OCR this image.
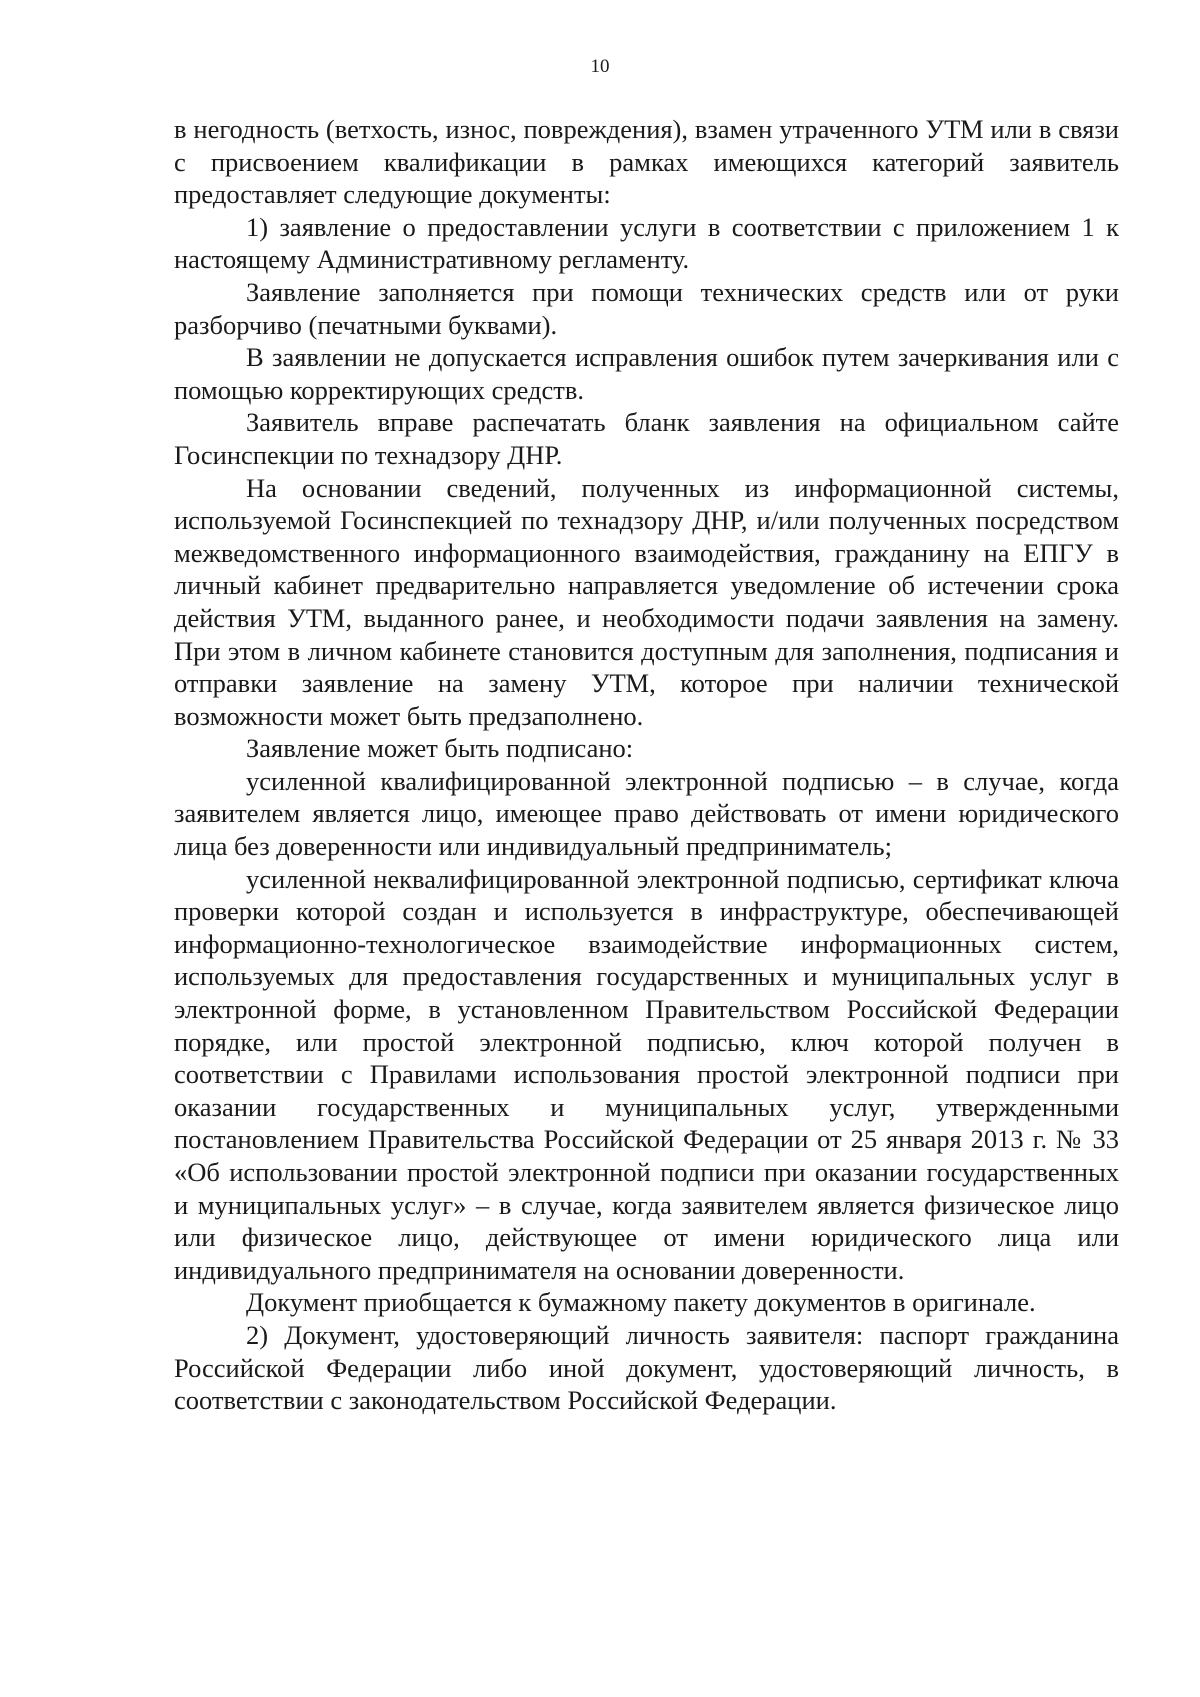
10

в негодность (ветхость, износ, повреждения), взамен утраченного УТМ или в связи с присвоением квалификации в рамках имеющихся категорий заявитель предоставляет следующие документы:

1) заявление о предоставлении услуги в соответствии с приложением 1 к настоящему Административному регламенту.

Заявление заполняется при помощи технических средств или от руки разборчиво (печатными буквами).

В заявлении не допускается исправления ошибок путем зачеркивания или с помощью корректирующих средств.

Заявитель вправе распечатать бланк заявления на официальном сайте Госинспекции по технадзору ДНР.

На основании сведений, полученных из информационной системы, используемой Госинспекцией по технадзору ДНР, и/или полученных посредством межведомственного информационного взаимодействия, гражданину на ЕПГУ в личный кабинет предварительно направляется уведомление об истечении срока действия УТМ, выданного ранее, и необходимости подачи заявления на замену. При этом в личном кабинете становится доступным для заполнения, подписания и отправки заявление на замену УТМ, которое при наличии технической возможности может быть предзаполнено.

Заявление может быть подписано:

усиленной квалифицированной электронной подписью – в случае, когда заявителем является лицо, имеющее право действовать от имени юридического лица без доверенности или индивидуальный предприниматель;

усиленной неквалифицированной электронной подписью, сертификат ключа проверки которой создан и используется в инфраструктуре, обеспечивающей информационно-технологическое взаимодействие информационных систем, используемых для предоставления государственных и муниципальных услуг в электронной форме, в установленном Правительством Российской Федерации порядке, или простой электронной подписью, ключ которой получен в соответствии с Правилами использования простой электронной подписи при оказании государственных и муниципальных услуг, утвержденными постановлением Правительства Российской Федерации от 25 января 2013 г. № 33 «Об использовании простой электронной подписи при оказании государственных и муниципальных услуг» – в случае, когда заявителем является физическое лицо или физическое лицо, действующее от имени юридического лица или индивидуального предпринимателя на основании доверенности.

Документ приобщается к бумажному пакету документов в оригинале.

2) Документ, удостоверяющий личность заявителя: паспорт гражданина Российской Федерации либо иной документ, удостоверяющий личность, в соответствии с законодательством Российской Федерации.
